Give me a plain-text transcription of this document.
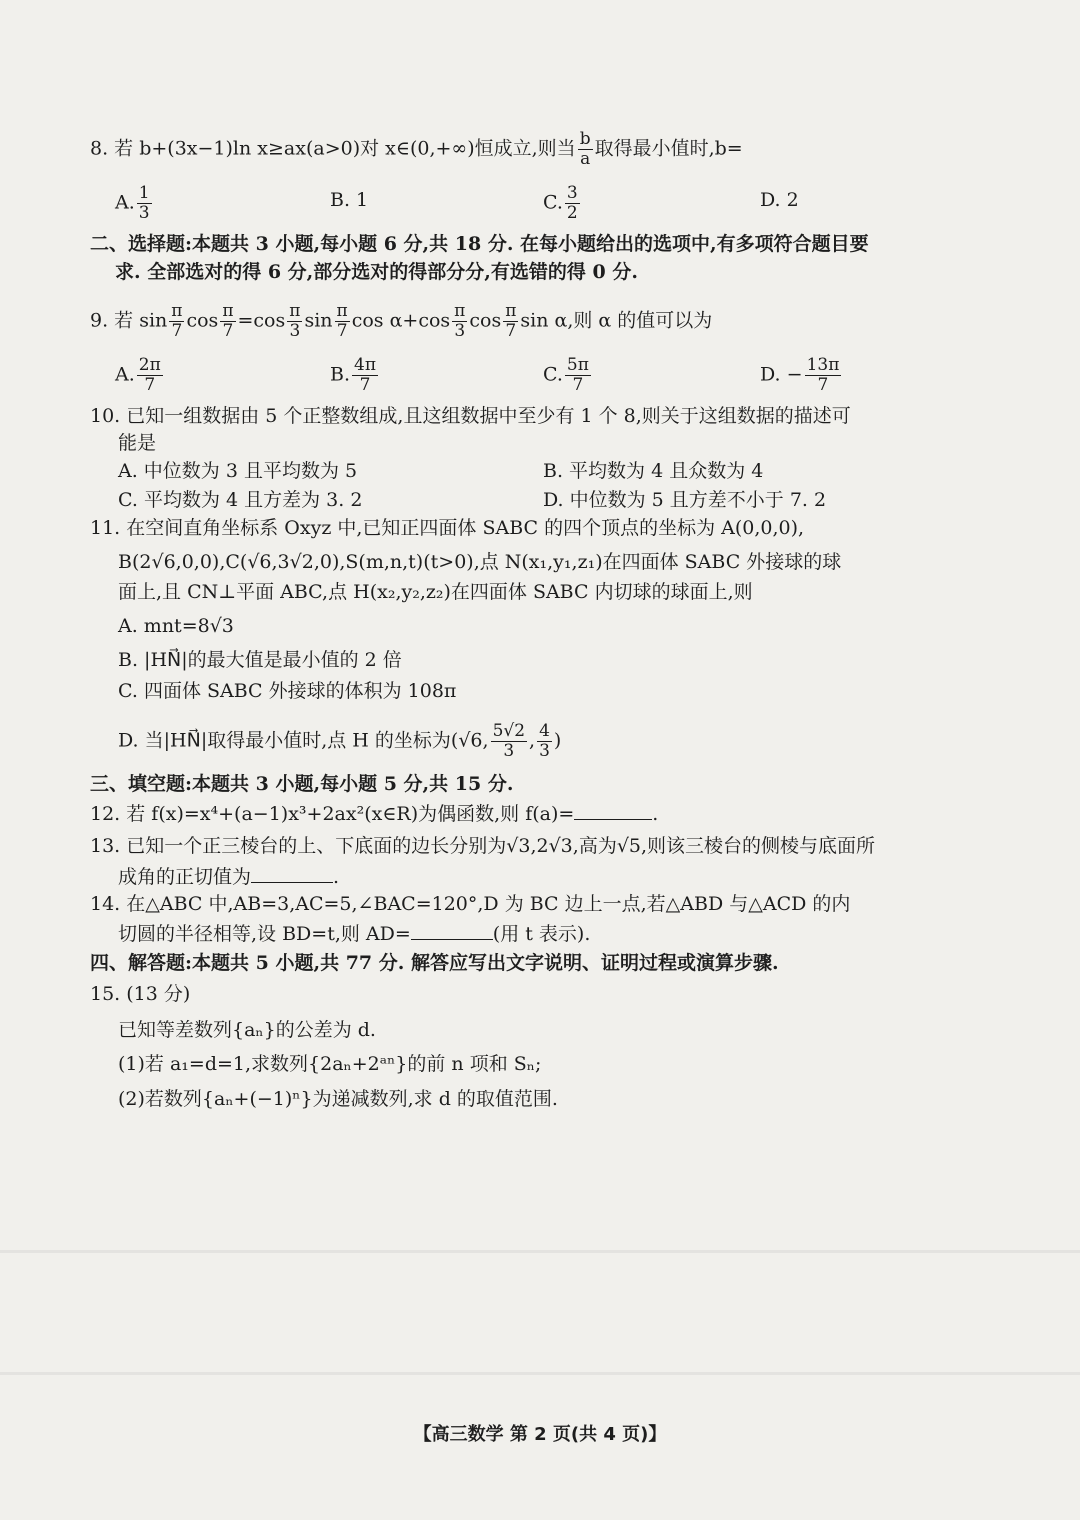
8. 若 b+(3x−1)ln x≥ax(a>0)对 x∈(0,+∞)恒成立,则当 $\frac{b}{a}$ 取得最小值时,b=
A. $\frac{1}{3}$	B. 1	C. $\frac{3}{2}$	D. 2
二、选择题:本题共 3 小题,每小题 6 分,共 18 分. 在每小题给出的选项中,有多项符合题目要
求. 全部选对的得 6 分,部分选对的得部分分,有选错的得 0 分.
9. 若 $\sin \frac{\pi}{7}$ $\cos \frac{\pi}{7} =\cos \frac{\pi}{3}$ $\sin \frac{\pi}{7}$ $\cos \alpha+\cos \frac{\pi}{3}$ $\cos \frac{\pi}{7}$ sin α,则 α 的值可以为
A. $\frac{2\pi}{7}$	B. $\frac{4\pi}{7}$	C. $\frac{5\pi}{7}$	D. − $\frac{13\pi}{7}$
10. 已知一组数据由 5 个正整数组成,且这组数据中至少有 1 个 8,则关于这组数据的描述可
能是
A. 中位数为 3 且平均数为 5	B. 平均数为 4 且众数为 4
C. 平均数为 4 且方差为 3. 2	D. 中位数为 5 且方差不小于 7. 2
11. 在空间直角坐标系 Oxyz 中,已知正四面体 SABC 的四个顶点的坐标为 A(0,0,0),
B(2√6,0,0),C(√6,3√2,0),S(m,n,t)(t>0),点 N(x₁,y₁,z₁)在四面体 SABC 外接球的球
面上,且 CN⊥平面 ABC,点 H(x₂,y₂,z₂)在四面体 SABC 内切球的球面上,则
A. mnt=8√3
B. |HN⃗|的最大值是最小值的 2 倍
C. 四面体 SABC 外接球的体积为 108π
D. 当|HN⃗|取得最小值时,点 H 的坐标为(√6, $\frac{5√2}{3}$ , $\frac{4}{3}$ )
三、填空题:本题共 3 小题,每小题 5 分,共 15 分.
12. 若 f(x)=x⁴+(a−1)x³+2ax²(x∈R)为偶函数,则 f(a)=	.
13. 已知一个正三棱台的上、下底面的边长分别为√3,2√3,高为√5,则该三棱台的侧棱与底面所
成角的正切值为	.
14. 在△ABC 中,AB=3,AC=5,∠BAC=120°,D 为 BC 边上一点,若△ABD 与△ACD 的内
切圆的半径相等,设 BD=t,则 AD=	(用 t 表示).
四、解答题:本题共 5 小题,共 77 分. 解答应写出文字说明、证明过程或演算步骤.
15. (13 分)
已知等差数列{aₙ}的公差为 d.
(1)若 a₁=d=1,求数列{2aₙ+2ᵃⁿ}的前 n 项和 Sₙ;
(2)若数列{aₙ+(−1)ⁿ}为递减数列,求 d 的取值范围.
【高三数学 第 2 页(共 4 页)】
